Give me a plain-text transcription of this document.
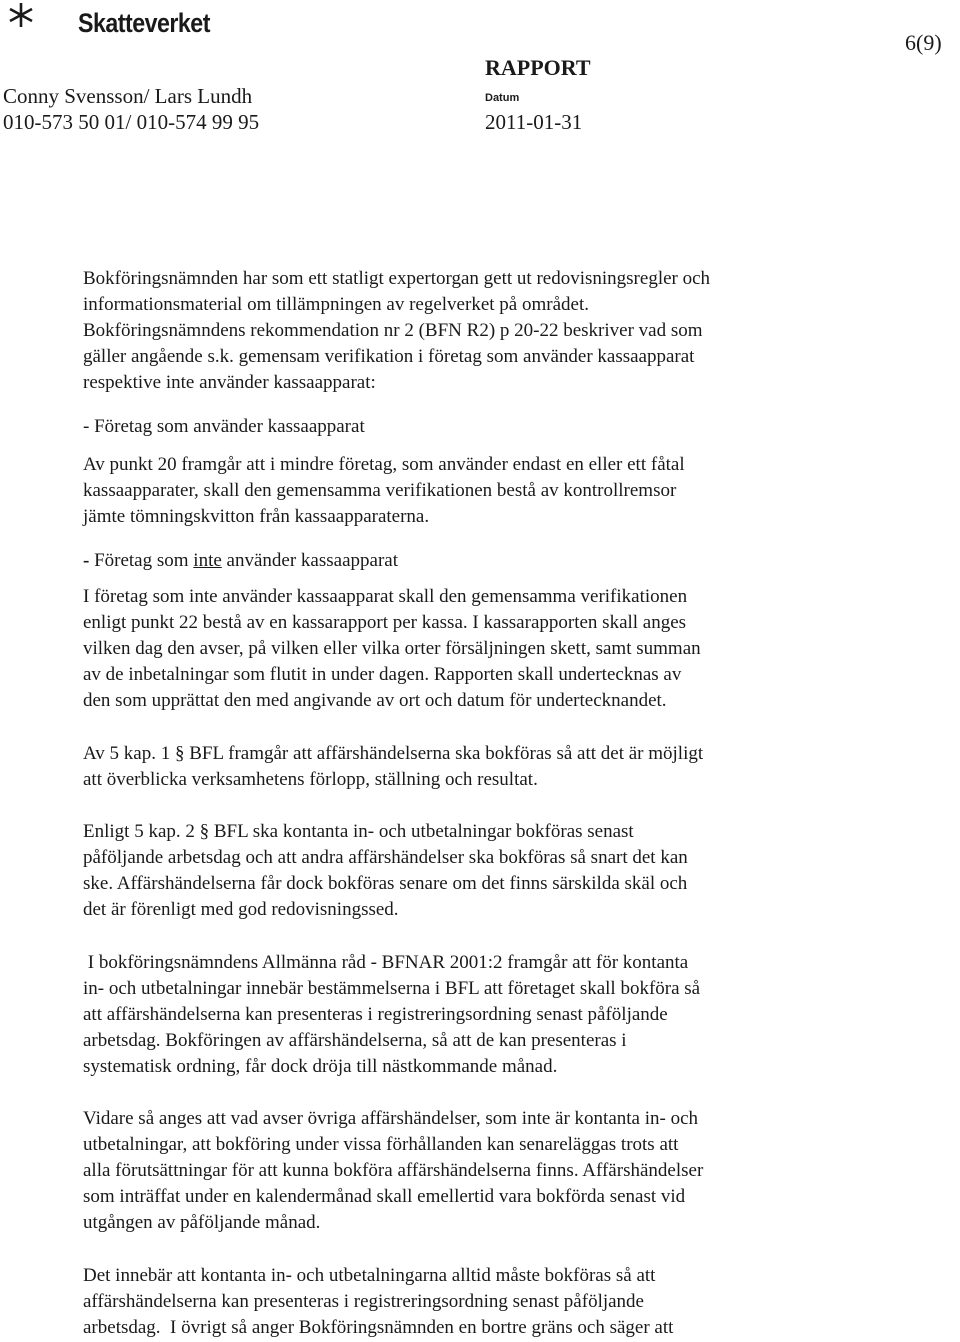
Skatteverket
6(9)
RAPPORT
Conny Svensson/ Lars Lundh	Datum
010-573 50 01/ 010-574 99 95	2011-01-31
Bokföringsnämnden har som ett statligt expertorgan gett ut redovisningsregler och
informationsmaterial om tillämpningen av regelverket på området.
Bokföringsnämndens rekommendation nr 2 (BFN R2) p 20-22 beskriver vad som
gäller angående s.k. gemensam verifikation i företag som använder kassaapparat
respektive inte använder kassaapparat:
- Företag som använder kassaapparat
Av punkt 20 framgår att i mindre företag, som använder endast en eller ett fåtal
kassaapparater, skall den gemensamma verifikationen bestå av kontrollremsor
jämte tömningskvitton från kassaapparaterna.
- Företag som inte använder kassaapparat
I företag som inte använder kassaapparat skall den gemensamma verifikationen
enligt punkt 22 bestå av en kassarapport per kassa. I kassarapporten skall anges
vilken dag den avser, på vilken eller vilka orter försäljningen skett, samt summan
av de inbetalningar som flutit in under dagen. Rapporten skall undertecknas av
den som upprättat den med angivande av ort och datum för undertecknandet.
Av 5 kap. 1 § BFL framgår att affärshändelserna ska bokföras så att det är möjligt
att överblicka verksamhetens förlopp, ställning och resultat.
Enligt 5 kap. 2 § BFL ska kontanta in- och utbetalningar bokföras senast
påföljande arbetsdag och att andra affärshändelser ska bokföras så snart det kan
ske. Affärshändelserna får dock bokföras senare om det finns särskilda skäl och
det är förenligt med god redovisningssed.
I bokföringsnämndens Allmänna råd - BFNAR 2001:2 framgår att för kontanta
in- och utbetalningar innebär bestämmelserna i BFL att företaget skall bokföra så
att affärshändelserna kan presenteras i registreringsordning senast påföljande
arbetsdag. Bokföringen av affärshändelserna, så att de kan presenteras i
systematisk ordning, får dock dröja till nästkommande månad.
Vidare så anges att vad avser övriga affärshändelser, som inte är kontanta in- och
utbetalningar, att bokföring under vissa förhållanden kan senareläggas trots att
alla förutsättningar för att kunna bokföra affärshändelserna finns. Affärshändelser
som inträffat under en kalendermånad skall emellertid vara bokförda senast vid
utgången av påföljande månad.
Det innebär att kontanta in- och utbetalningarna alltid måste bokföras så att
affärshändelserna kan presenteras i registreringsordning senast påföljande
arbetsdag.  I övrigt så anger Bokföringsnämnden en bortre gräns och säger att
